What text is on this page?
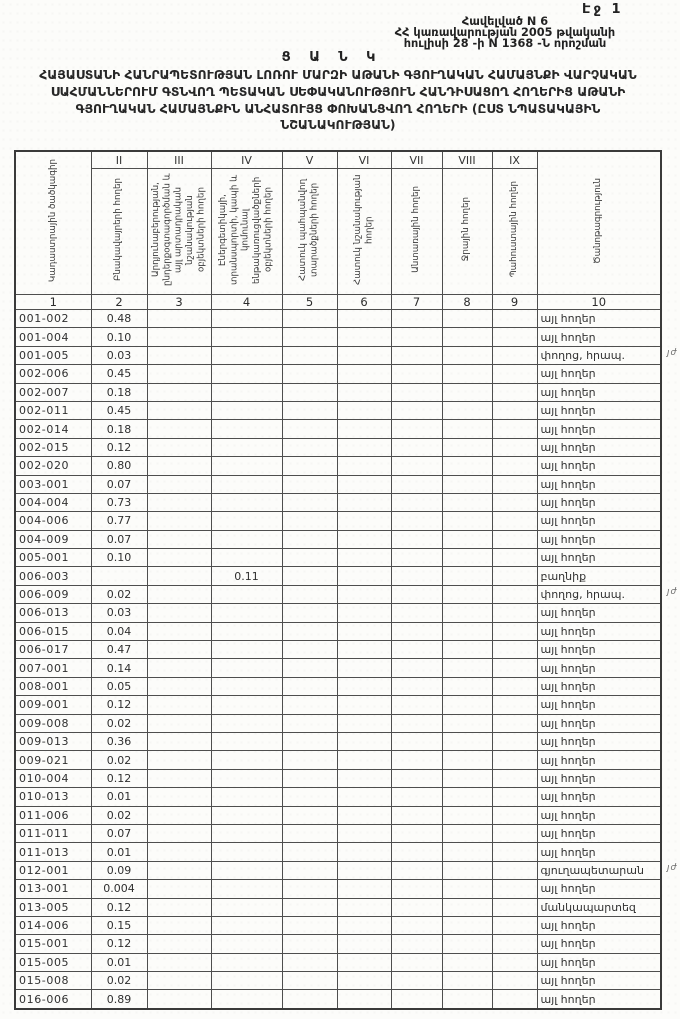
Էջ 1
Հավելված N 6
ՀՀ կառավարության 2005 թվականի
հուլիսի 28 -ի N 1368 -Ն որոշման
Ց Ա Ն Կ
ՀԱՅԱՍՏԱՆԻ ՀԱՆՐԱՊԵՏՈՒԹՅԱՆ ԼՈՌՈՒ ՄԱՐԶԻ ԱԹԱՆԻ ԳՅՈՒՂԱԿԱՆ ՀԱՄԱՅՆՔԻ ՎԱՐՉԱԿԱՆ
ՍԱՀՄԱՆՆԵՐՈՒՄ ԳՏՆՎՈՂ ՊԵՏԱԿԱՆ ՍԵՓԱԿԱՆՈՒԹՅՈՒՆ ՀԱՆԴԻՍԱՑՈՂ ՀՈՂԵՐԻՑ ԱԹԱՆԻ
ԳՅՈՒՂԱԿԱՆ ՀԱՄԱՅՆՔԻՆ ԱՆՀԱՏՈՒՅՑ ՓՈԽԱՆՑՎՈՂ ՀՈՂԵՐԻ (ԸՍՏ ՆՊԱՏԱԿԱՅԻՆ
ՆՇԱՆԱԿՈՒԹՅԱՆ)
Կադաստրային ծածկագիր	II	III	IV	V	VI	VII	VIII	IX	Ծանոթագրություն
	Բնակավայրերի հողեր	Արդյունաբերության, ընդերքօգտագործման և այլ արտադրական նշանակության օբյեկտների հողեր	Էներգետիկայի, տրանսպորտի, կապի և կոմունալ ենթակառուցվածքների օբյեկտների հողեր	Հատուկ պահպանվող տարածքների հողեր	Հատուկ նշանակության հողեր	Անտառային հողեր	Ջրային հողեր	Պահուստային հողեր	
1	2	3	4	5	6	7	8	9	10
001-002	0.48								այլ հողեր
001-004	0.10								այլ հողեր
001-005	0.03								փողոց, հրապ. յժ

002-006	0.45								այլ հողեր
002-007	0.18								այլ հողեր
002-011	0.45								այլ հողեր
002-014	0.18								այլ հողեր
002-015	0.12								այլ հողեր
002-020	0.80								այլ հողեր
003-001	0.07								այլ հողեր
004-004	0.73								այլ հողեր
004-006	0.77								այլ հողեր
004-009	0.07								այլ հողեր
005-001	0.10								այլ հողեր
006-003			0.11						բաղնիք
006-009	0.02								փողոց, հրապ. յժ

006-013	0.03								այլ հողեր
006-015	0.04								այլ հողեր
006-017	0.47								այլ հողեր
007-001	0.14								այլ հողեր
008-001	0.05								այլ հողեր
009-001	0.12								այլ հողեր
009-008	0.02								այլ հողեր
009-013	0.36								այլ հողեր
009-021	0.02								այլ հողեր
010-004	0.12								այլ հողեր
010-013	0.01								այլ հողեր
011-006	0.02								այլ հողեր
011-011	0.07								այլ հողեր
011-013	0.01								այլ հողեր
012-001	0.09								գյուղապետարան յժ

013-001	0.004								այլ հողեր
013-005	0.12								մանկապարտեզ
014-006	0.15								այլ հողեր
015-001	0.12								այլ հողեր
015-005	0.01								այլ հողեր
015-008	0.02								այլ հողեր
016-006	0.89								այլ հողեր
